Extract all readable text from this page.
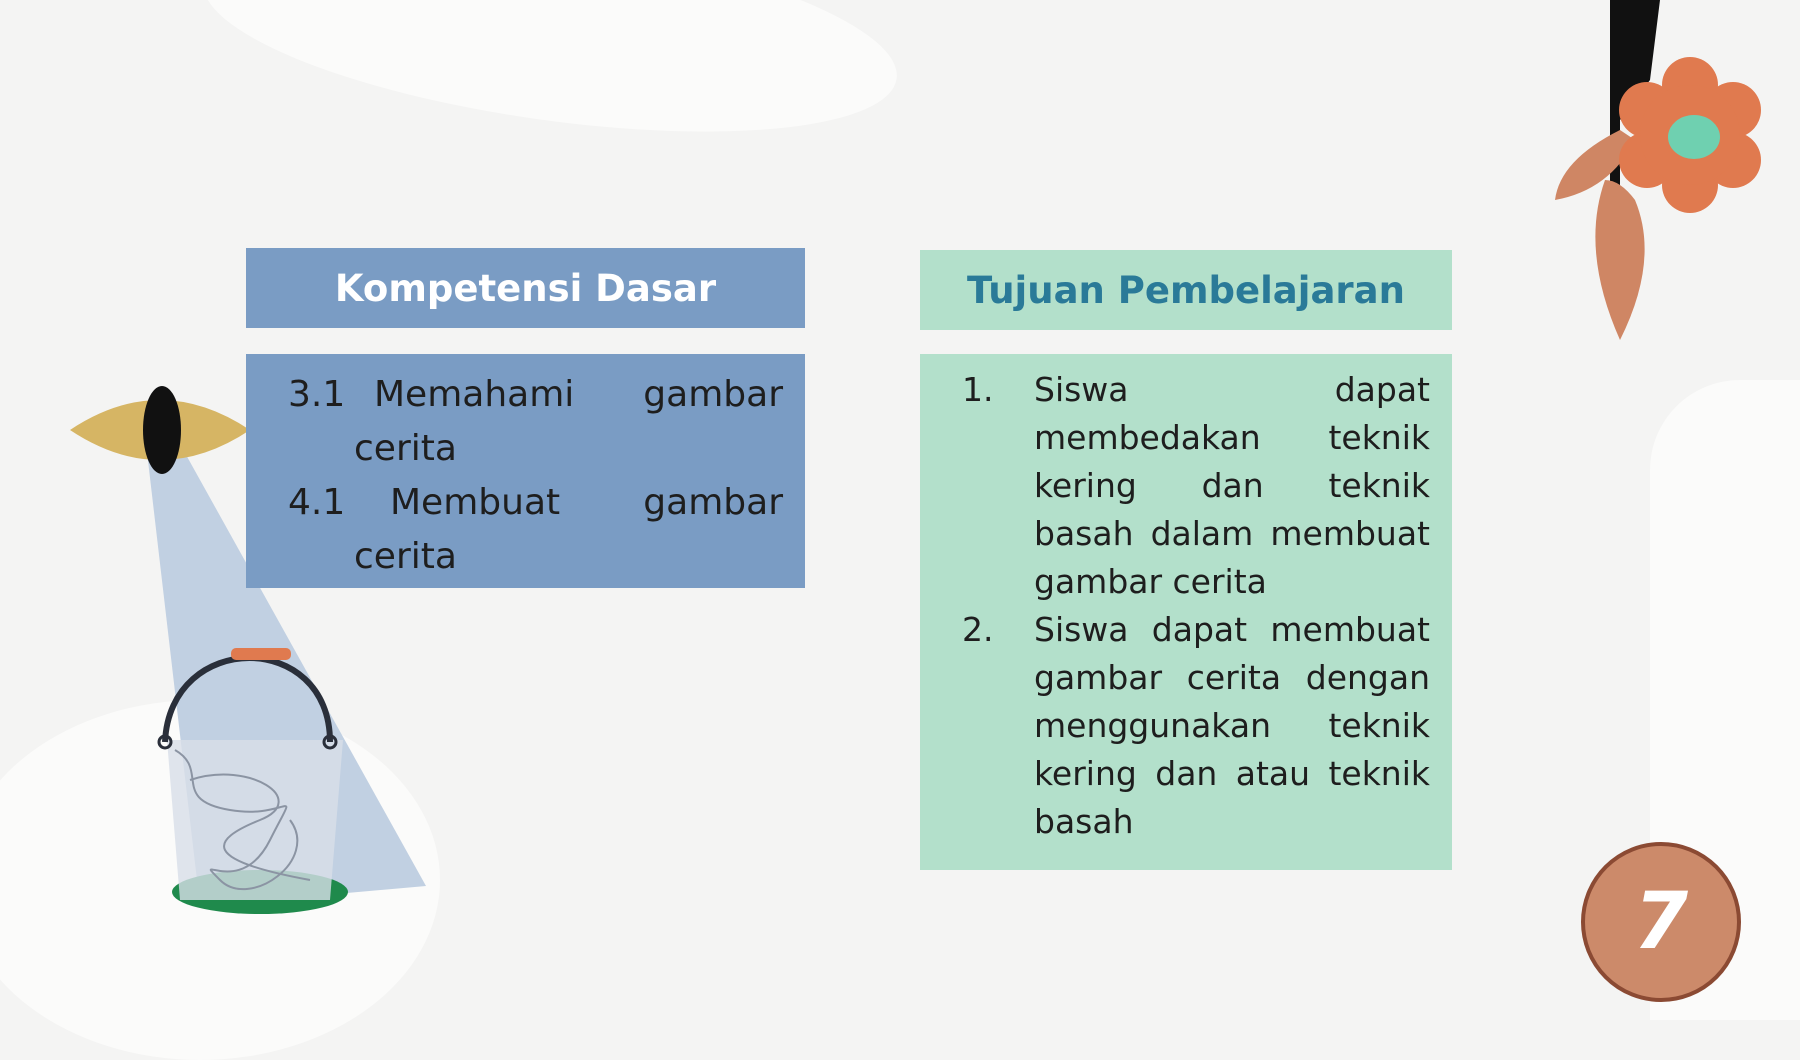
Kompetensi Dasar
3.1 Memahami gambar
cerita
4.1 Membuat gambar
cerita
Tujuan Pembelajaran
1. Siswa dapat membedakan teknik kering dan teknik basah dalam membuat gambar cerita
2. Siswa dapat membuat gambar cerita dengan menggunakan teknik kering dan atau teknik basah
7
